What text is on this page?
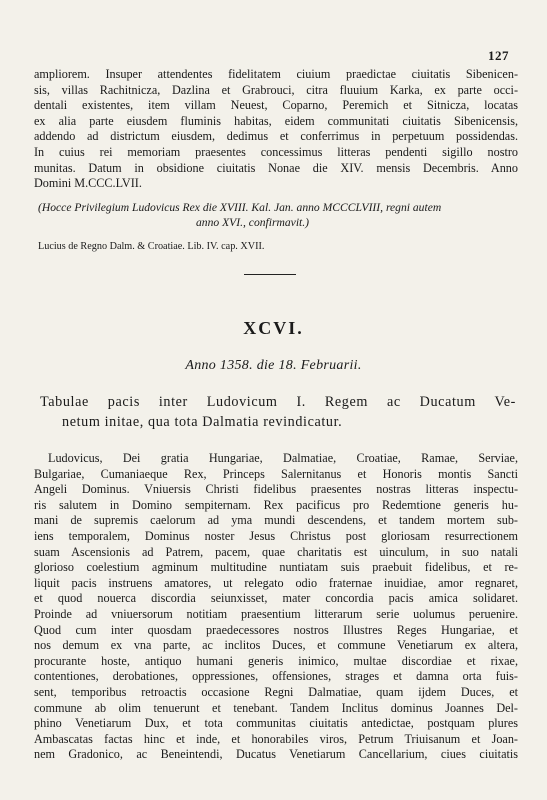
127
ampliorem. Insuper attendentes fidelitatem ciuium praedictae ciuitatis Sibenicen-
sis, villas Rachitnicza, Dazlina et Grabrouci, citra fluuium Karka, ex parte occi-
dentali existentes, item villam Neuest, Coparno, Peremich et Sitnicza, locatas
ex alia parte eiusdem fluminis habitas, eidem communitati ciuitatis Sibenicensis,
addendo ad districtum eiusdem, dedimus et conferrimus in perpetuum possidendas.
In cuius rei memoriam praesentes concessimus litteras pendenti sigillo nostro
munitas. Datum in obsidione ciuitatis Nonae die XIV. mensis Decembris. Anno
Domini M.CCC.LVII.
(Hocce Privilegium Ludovicus Rex die XVIII. Kal. Jan. anno MCCCLVIII, regni autem
anno XVI., confirmavit.)
Lucius de Regno Dalm. & Croatiae. Lib. IV. cap. XVII.
XCVI.
Anno 1358. die 18. Februarii.
Tabulae pacis inter Ludovicum I. Regem ac Ducatum Ve-
netum initae, qua tota Dalmatia revindicatur.
Ludovicus, Dei gratia Hungariae, Dalmatiae, Croatiae, Ramae, Serviae,
Bulgariae, Cumaniaeque Rex, Princeps Salernitanus et Honoris montis Sancti
Angeli Dominus. Vniuersis Christi fidelibus praesentes nostras litteras inspectu-
ris salutem in Domino sempiternam. Rex pacificus pro Redemtione generis hu-
mani de supremis caelorum ad yma mundi descendens, et tandem mortem sub-
iens temporalem, Dominus noster Jesus Christus post gloriosam resurrectionem
suam Ascensionis ad Patrem, pacem, quae charitatis est uinculum, in suo natali
glorioso coelestium agminum multitudine nuntiatam suis praebuit fidelibus, et re-
liquit pacis instruens amatores, ut relegato odio fraternae inuidiae, amor regnaret,
et quod nouerca discordia seiunxisset, mater concordia pacis amica solidaret.
Proinde ad vniuersorum notitiam praesentium litterarum serie uolumus peruenire.
Quod cum inter quosdam praedecessores nostros Illustres Reges Hungariae, et
nos demum ex vna parte, ac inclitos Duces, et commune Venetiarum ex altera,
procurante hoste, antiquo humani generis inimico, multae discordiae et rixae,
contentiones, derobationes, oppressiones, offensiones, strages et damna orta fuis-
sent, temporibus retroactis occasione Regni Dalmatiae, quam ijdem Duces, et
commune ab olim tenuerunt et tenebant. Tandem Inclitus dominus Joannes Del-
phino Venetiarum Dux, et tota communitas ciuitatis antedictae, postquam plures
Ambascatas factas hinc et inde, et honorabiles viros, Petrum Triuisanum et Joan-
nem Gradonico, ac Beneintendi, Ducatus Venetiarum Cancellarium, ciues ciuitatis
